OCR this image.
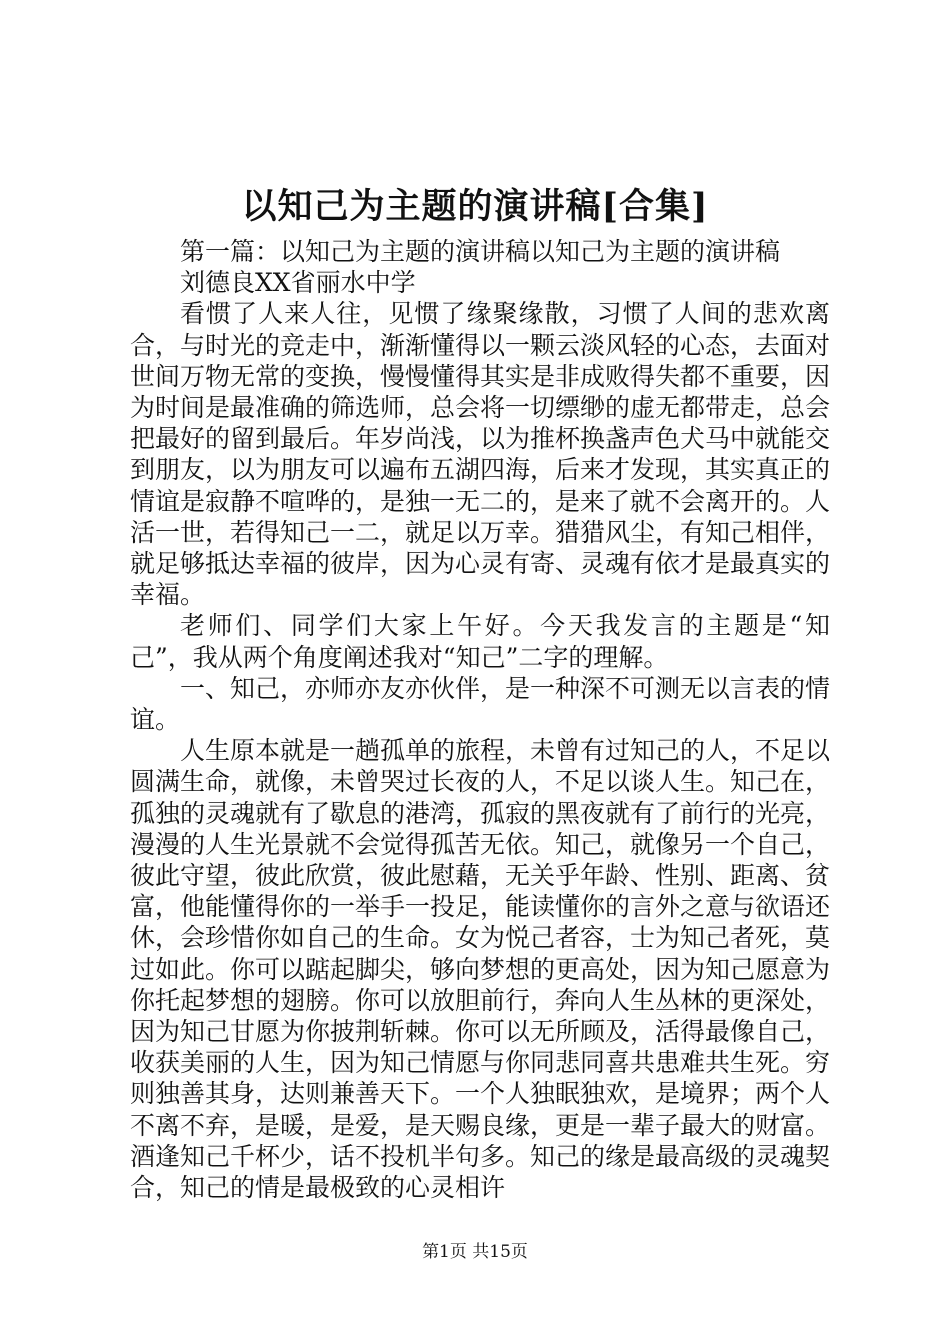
以知己为主题的演讲稿[合集]

第一篇：以知己为主题的演讲稿以知己为主题的演讲稿

刘德良XX省丽水中学

看惯了人来人往，见惯了缘聚缘散，习惯了人间的悲欢离合，与时光的竞走中，渐渐懂得以一颗云淡风轻的心态，去面对世间万物无常的变换，慢慢懂得其实是非成败得失都不重要，因为时间是最准确的筛选师，总会将一切缥缈的虚无都带走，总会把最好的留到最后。年岁尚浅，以为推杯换盏声色犬马中就能交到朋友，以为朋友可以遍布五湖四海，后来才发现，其实真正的情谊是寂静不喧哗的，是独一无二的，是来了就不会离开的。人活一世，若得知己一二，就足以万幸。猎猎风尘，有知己相伴，就足够抵达幸福的彼岸，因为心灵有寄、灵魂有依才是最真实的幸福。

老师们、同学们大家上午好。今天我发言的主题是“知己”，我从两个角度阐述我对“知己”二字的理解。

一、知己，亦师亦友亦伙伴，是一种深不可测无以言表的情谊。

人生原本就是一趟孤单的旅程，未曾有过知己的人，不足以圆满生命，就像，未曾哭过长夜的人，不足以谈人生。知己在，孤独的灵魂就有了歇息的港湾，孤寂的黑夜就有了前行的光亮，漫漫的人生光景就不会觉得孤苦无依。知己，就像另一个自己，彼此守望，彼此欣赏，彼此慰藉，无关乎年龄、性别、距离、贫富，他能懂得你的一举手一投足，能读懂你的言外之意与欲语还休，会珍惜你如自己的生命。女为悦己者容，士为知己者死，莫过如此。你可以踮起脚尖，够向梦想的更高处，因为知己愿意为你托起梦想的翅膀。你可以放胆前行，奔向人生丛林的更深处，因为知己甘愿为你披荆斩棘。你可以无所顾及，活得最像自己，收获美丽的人生，因为知己情愿与你同悲同喜共患难共生死。穷则独善其身，达则兼善天下。一个人独眠独欢，是境界；两个人不离不弃，是暖，是爱，是天赐良缘，更是一辈子最大的财富。酒逢知己千杯少，话不投机半句多。知己的缘是最高级的灵魂契合，知己的情是最极致的心灵相许

第1页 共15页
